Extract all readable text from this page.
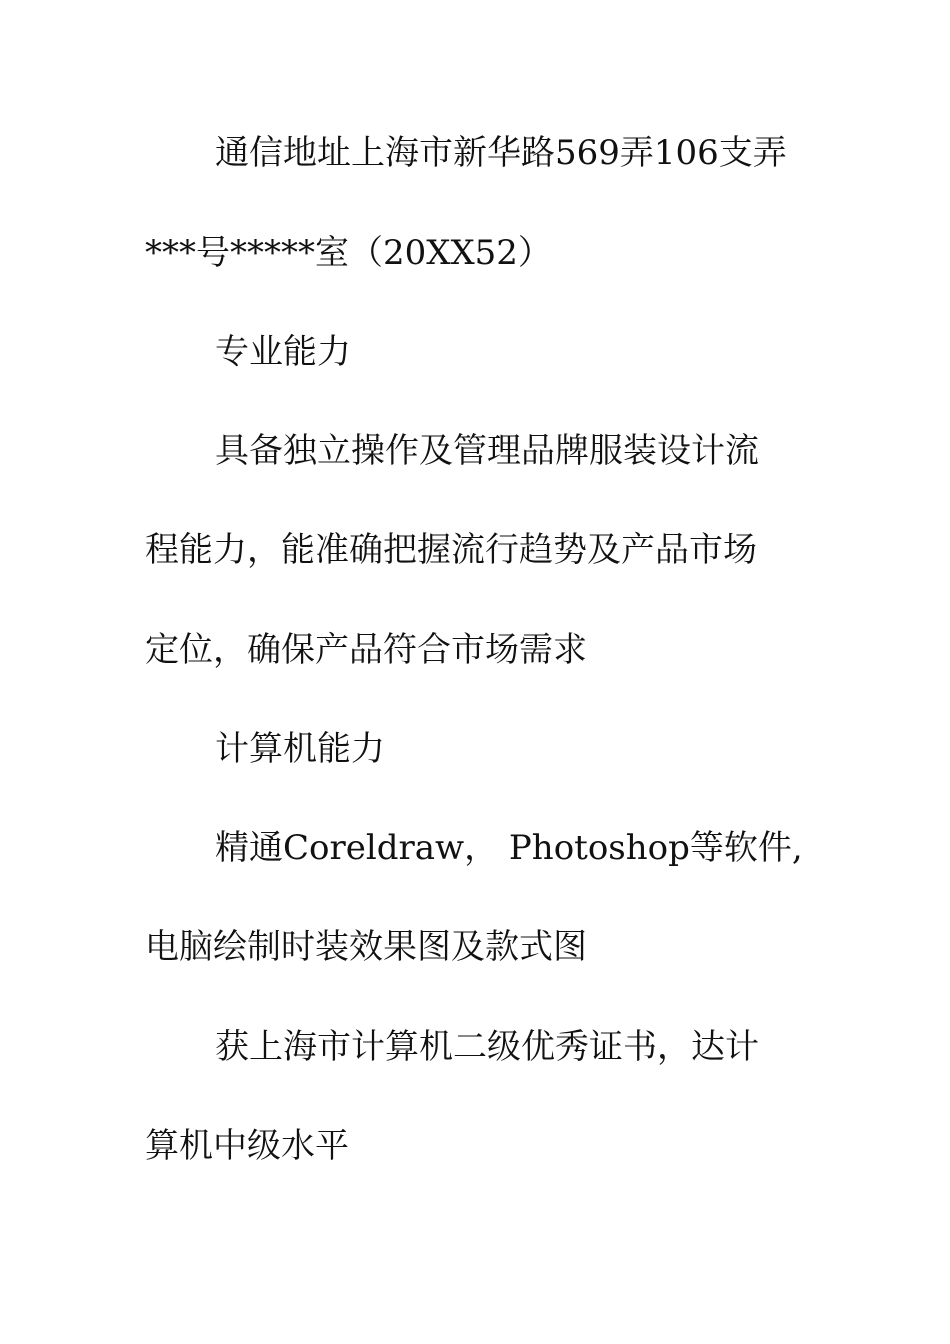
通信地址上海市新华路569弄106支弄
***号*****室（20XX52）
专业能力
具备独立操作及管理品牌服装设计流
程能力，能准确把握流行趋势及产品市场
定位，确保产品符合市场需求
计算机能力
精通Coreldraw， Photoshop等软件,
电脑绘制时装效果图及款式图
获上海市计算机二级优秀证书，达计
算机中级水平
